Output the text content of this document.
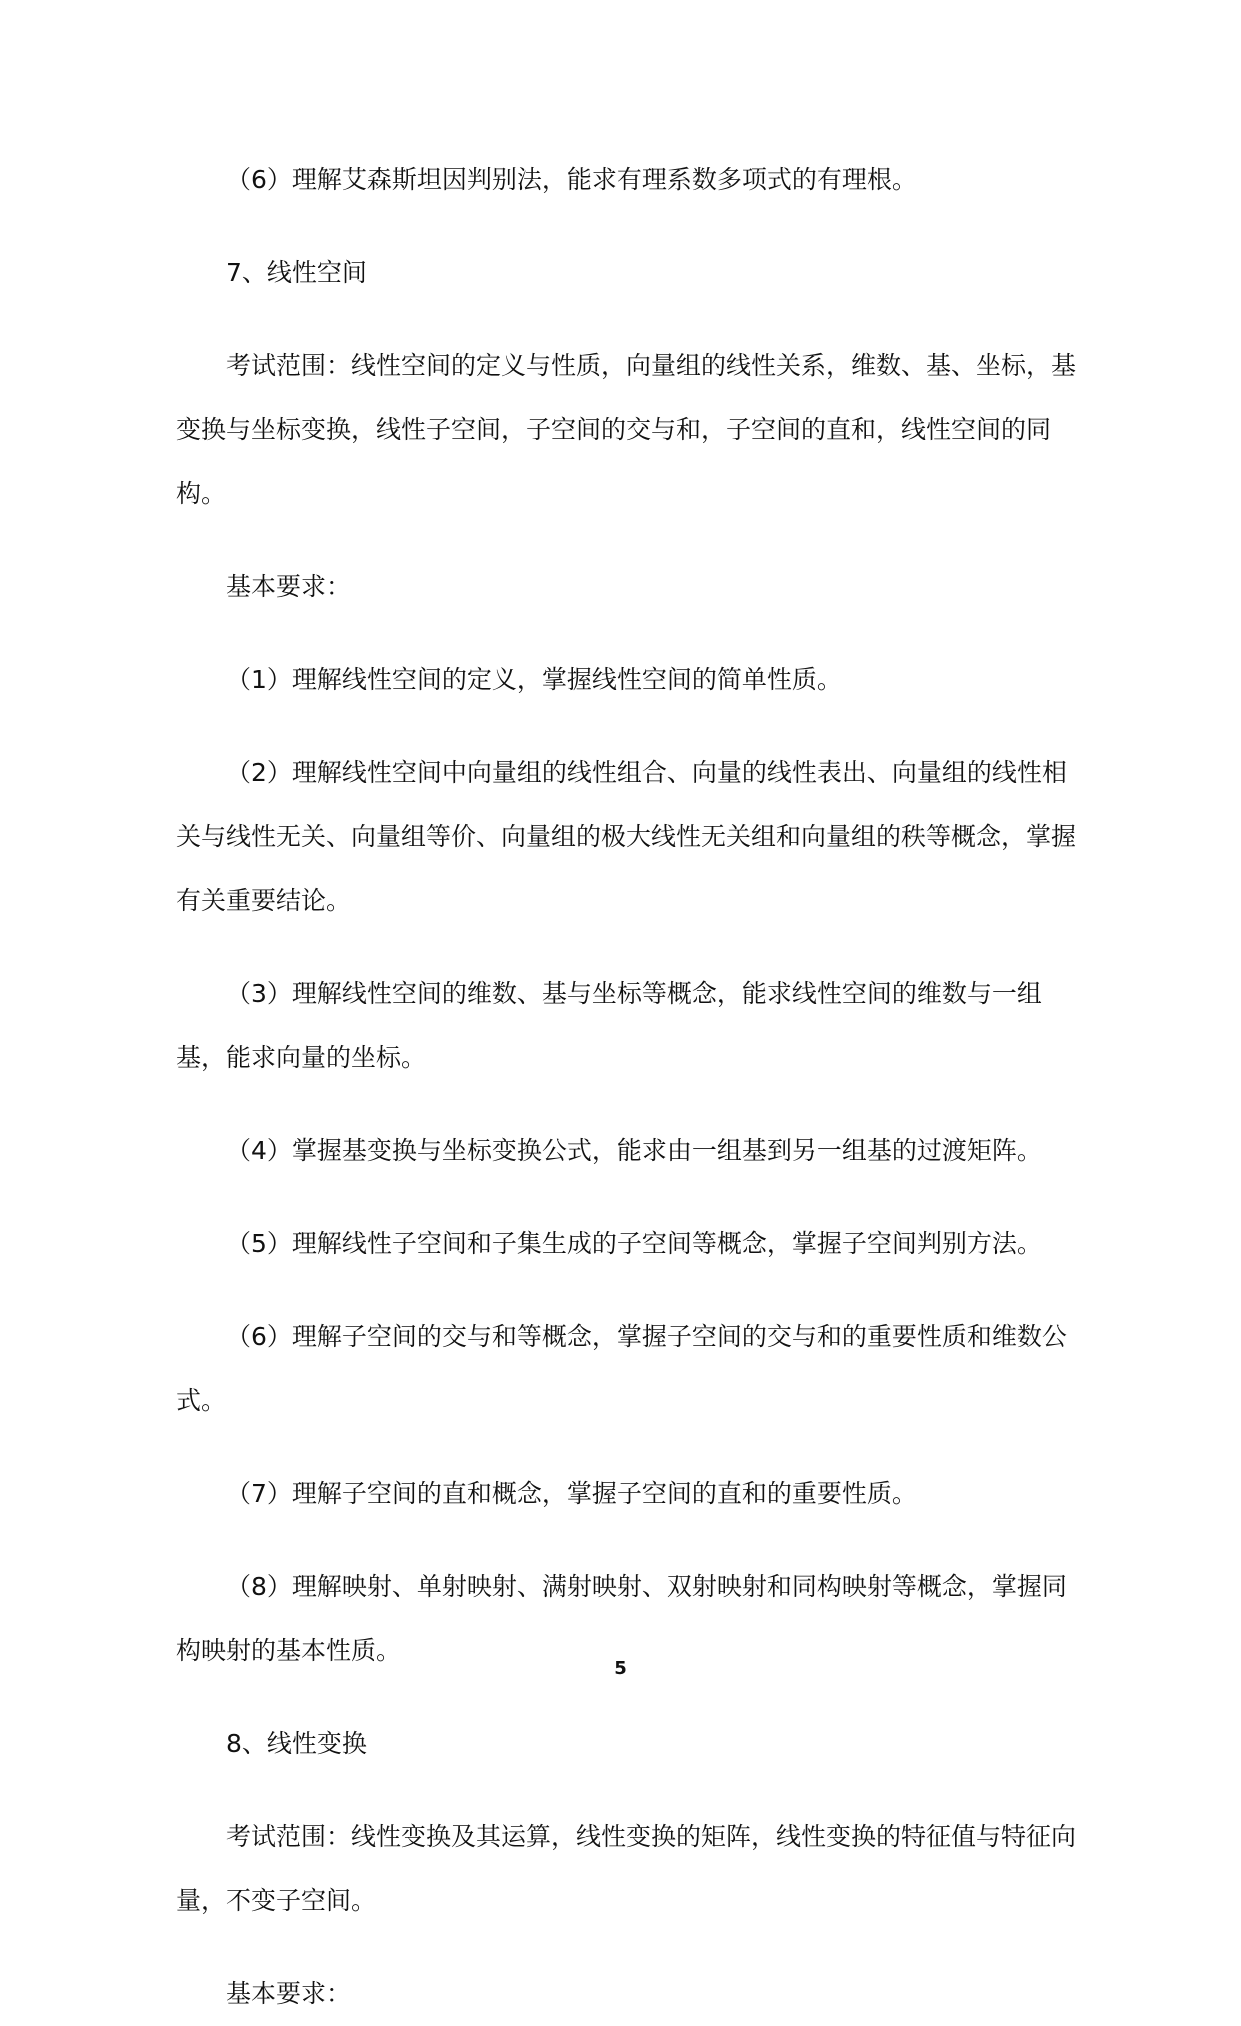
（6）理解艾森斯坦因判别法，能求有理系数多项式的有理根。

7、线性空间

考试范围：线性空间的定义与性质，向量组的线性关系，维数、基、坐标，基变换与坐标变换，线性子空间，子空间的交与和，子空间的直和，线性空间的同构。

基本要求：

（1）理解线性空间的定义，掌握线性空间的简单性质。

（2）理解线性空间中向量组的线性组合、向量的线性表出、向量组的线性相关与线性无关、向量组等价、向量组的极大线性无关组和向量组的秩等概念，掌握有关重要结论。

（3）理解线性空间的维数、基与坐标等概念，能求线性空间的维数与一组基，能求向量的坐标。

（4）掌握基变换与坐标变换公式，能求由一组基到另一组基的过渡矩阵。

（5）理解线性子空间和子集生成的子空间等概念，掌握子空间判别方法。

（6）理解子空间的交与和等概念，掌握子空间的交与和的重要性质和维数公式。

（7）理解子空间的直和概念，掌握子空间的直和的重要性质。

（8）理解映射、单射映射、满射映射、双射映射和同构映射等概念，掌握同构映射的基本性质。

8、线性变换

考试范围：线性变换及其运算，线性变换的矩阵，线性变换的特征值与特征向量，不变子空间。

基本要求：

5
